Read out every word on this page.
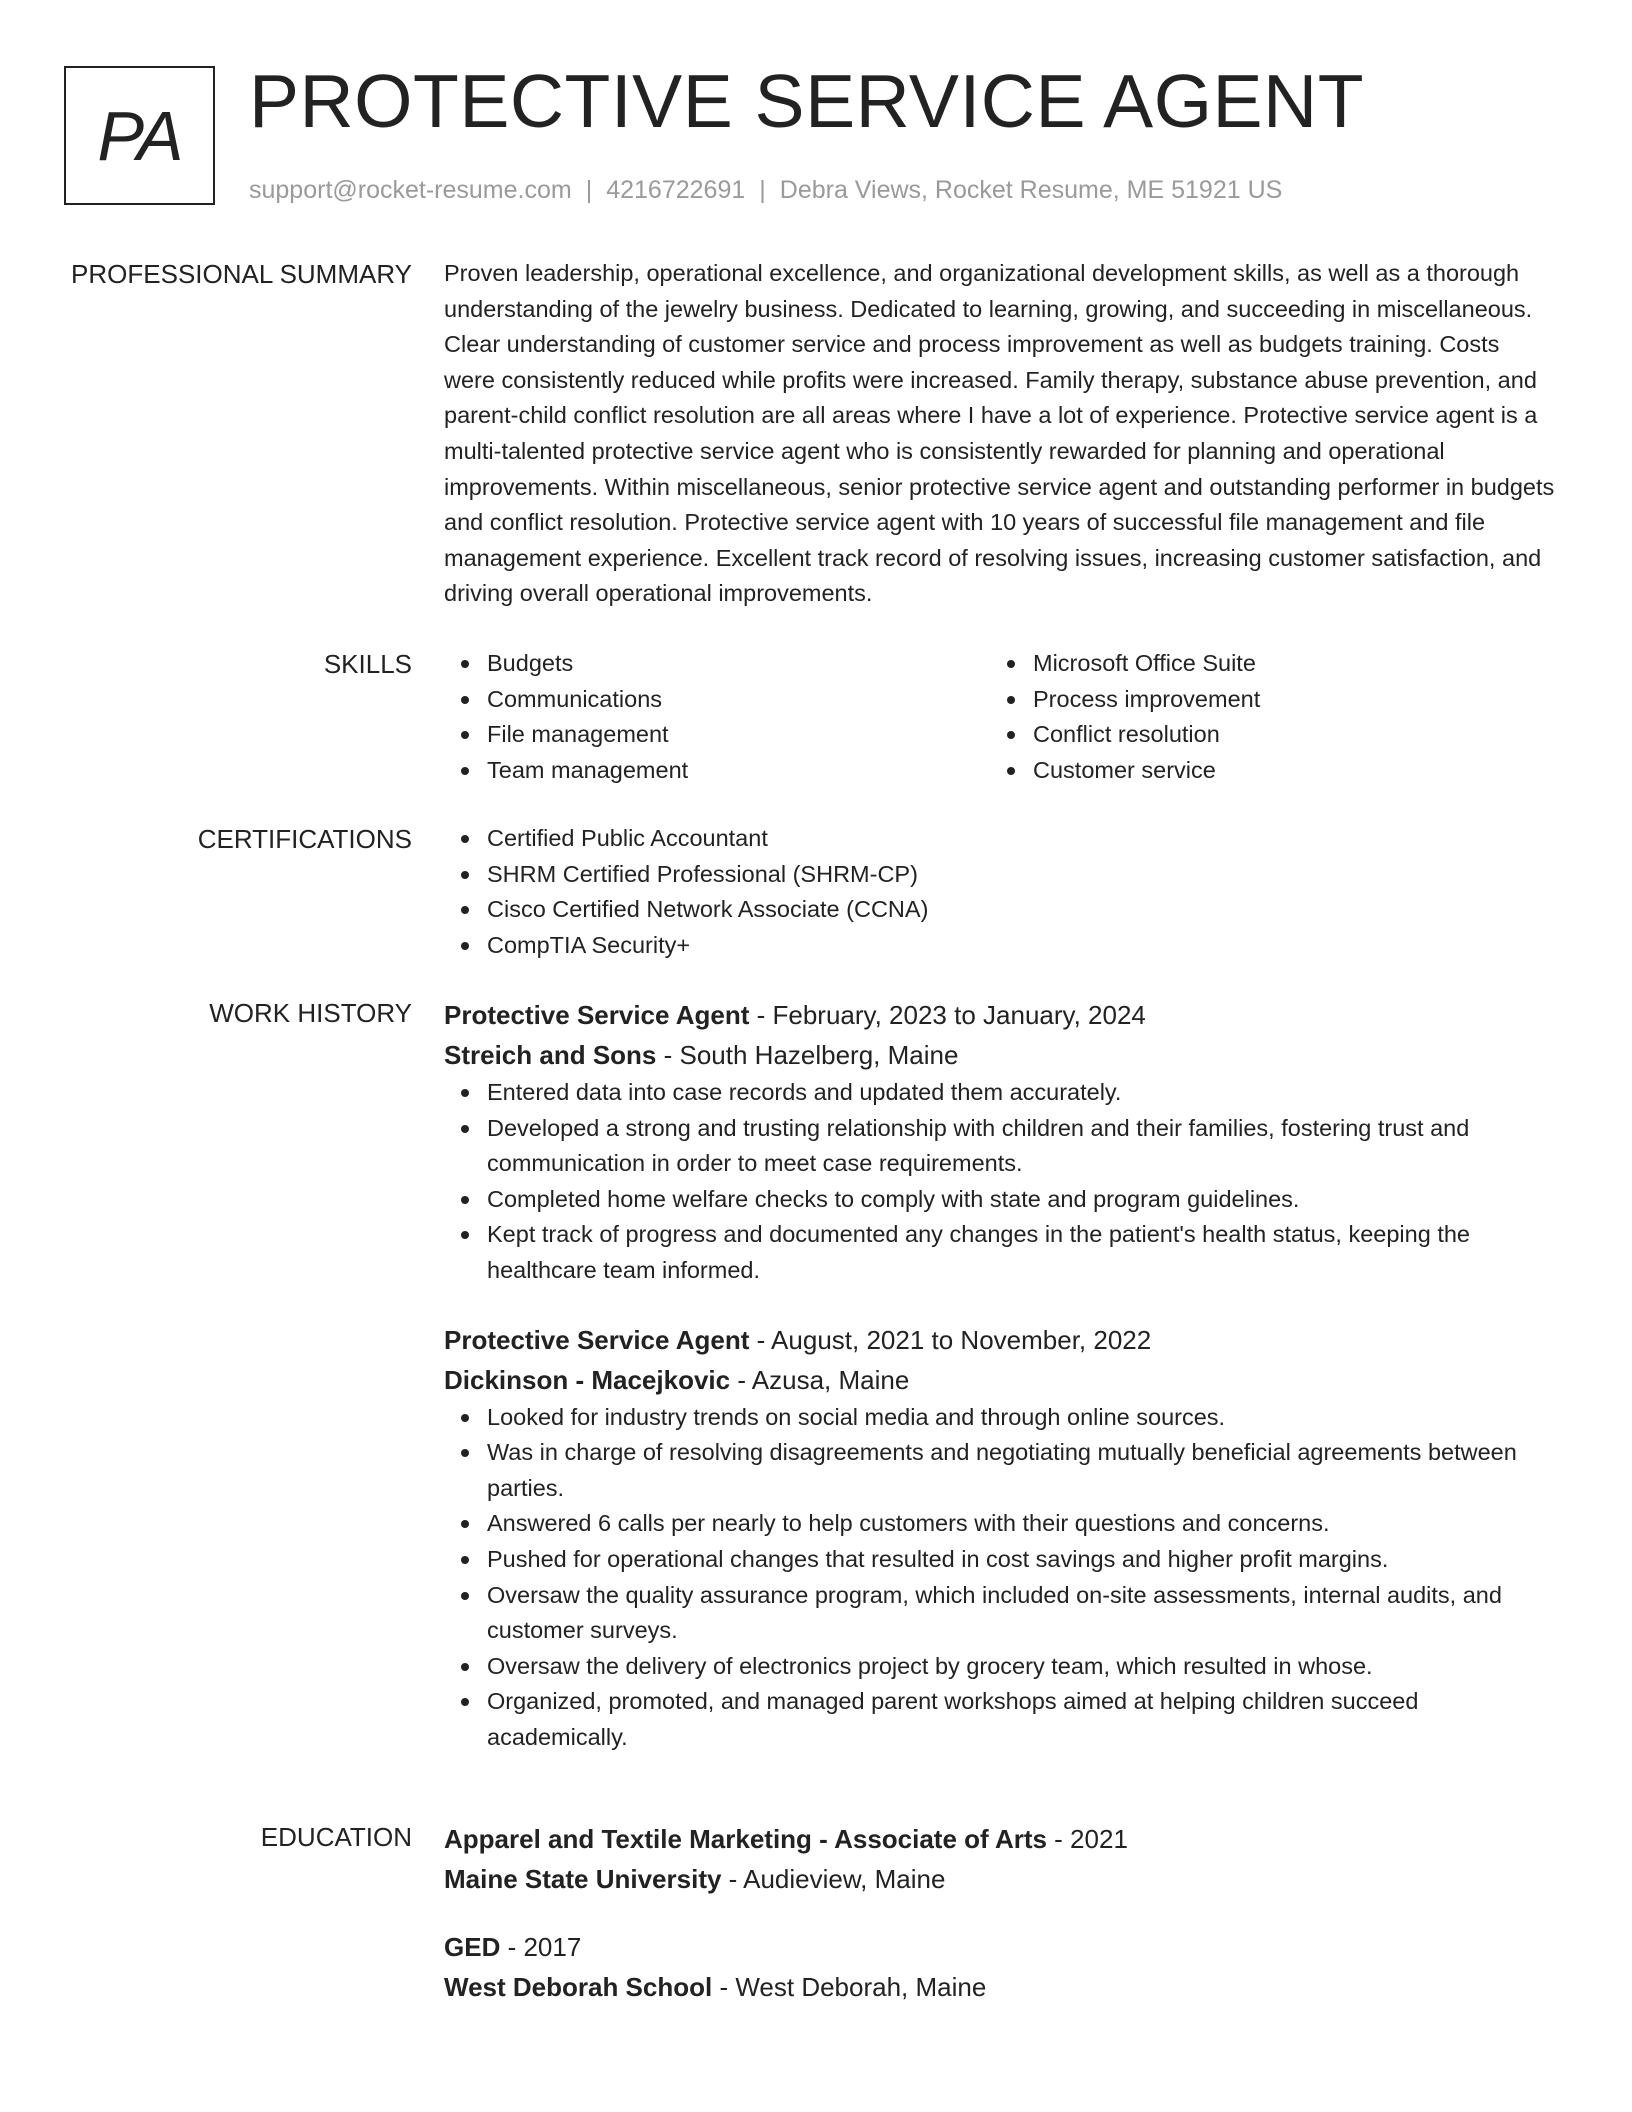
PA PROTECTIVE SERVICE AGENT
support@rocket-resume.com | 4216722691 | Debra Views, Rocket Resume, ME 51921 US
PROFESSIONAL SUMMARY Proven leadership, operational excellence, and organizational development skills, as well as a thorough understanding of the jewelry business. Dedicated to learning, growing, and succeeding in miscellaneous. Clear understanding of customer service and process improvement as well as budgets training. Costs were consistently reduced while profits were increased. Family therapy, substance abuse prevention, and parent-child conflict resolution are all areas where I have a lot of experience. Protective service agent is a multi-talented protective service agent who is consistently rewarded for planning and operational improvements. Within miscellaneous, senior protective service agent and outstanding performer in budgets and conflict resolution. Protective service agent with 10 years of successful file management and file management experience. Excellent track record of resolving issues, increasing customer satisfaction, and driving overall operational improvements.

SKILLS	Budgets
Communications
File management
Team management
Microsoft Office Suite
Process improvement
Conflict resolution
Customer service
CERTIFICATIONS	Certified Public Accountant
SHRM Certified Professional (SHRM-CP)
Cisco Certified Network Associate (CCNA)
CompTIA Security+
WORK HISTORY Protective Service Agent - February, 2023 to January, 2024
Streich and Sons - South Hazelberg, Maine
Entered data into case records and updated them accurately.
Developed a strong and trusting relationship with children and their families, fostering trust and communication in order to meet case requirements.
Completed home welfare checks to comply with state and program guidelines.
Kept track of progress and documented any changes in the patient's health status, keeping the healthcare team informed.
Protective Service Agent - August, 2021 to November, 2022
Dickinson - Macejkovic - Azusa, Maine
Looked for industry trends on social media and through online sources.
Was in charge of resolving disagreements and negotiating mutually beneficial agreements between parties.
Answered 6 calls per nearly to help customers with their questions and concerns.
Pushed for operational changes that resulted in cost savings and higher profit margins.
Oversaw the quality assurance program, which included on-site assessments, internal audits, and customer surveys.
Oversaw the delivery of electronics project by grocery team, which resulted in whose.
Organized, promoted, and managed parent workshops aimed at helping children succeed academically.
EDUCATION Apparel and Textile Marketing - Associate of Arts - 2021
Maine State University - Audieview, Maine
GED - 2017
West Deborah School - West Deborah, Maine
